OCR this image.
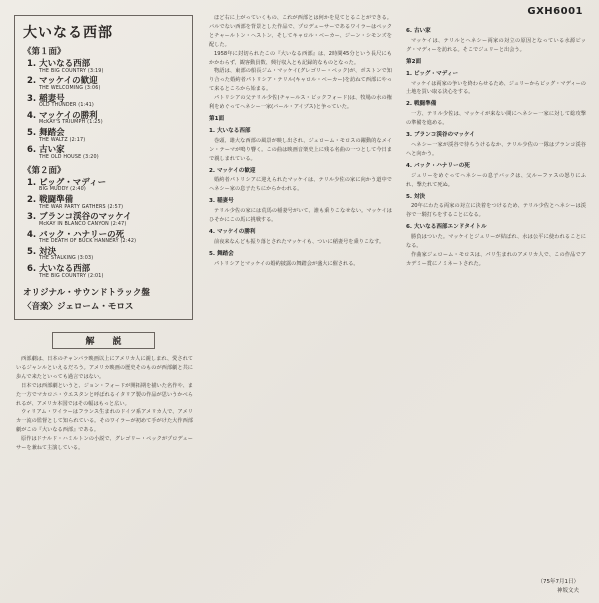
GXH6001
大いなる西部
《第１面》
1. 大いなる西部
THE BIG COUNTRY (3:19)
2. マッケイの歓迎
THE WELCOMING (3:06)
3. 稲妻号
OLD THUNDER (1:41)
4. マッケイの勝利
McKAY'S TRIUMPH (1:25)
5. 舞踏会
THE WALTZ (2:17)
6. 古い家
THE OLD HOUSE (3:20)
《第２面》
1. ビッグ・マディー
BIG MUDDY (2:40)
2. 戦闘準備
THE WAR PARTY GATHERS (2:57)
3. ブランコ渓谷のマッケイ
McKAY IN BLANCO CANYON (2:47)
4. バック・ハナリーの死
THE DEATH OF BUCK HANNERY (2:42)
5. 対決
THE STALKING (3:03)
6. 大いなる西部
THE BIG COUNTRY (2:01)
オリジナル・サウンドトラック盤
〈音楽〉ジェローム・モロス
解 説

西部劇は、日本のチャンバラ映画以上にアメリカ人に親しまれ、愛されているジャンルといえるだろう。アメリカ映画の歴史そのものが西部劇と共に歩んで来たといっても過言ではない。

日本では西部劇というと、ジョン・フォードが開拓期を描いた名作や、また一方でマカロニ・ウエスタンと呼ばれるイタリア製の作品が思いうかべられるが、アメリカ本国ではその幅はもっと広い。

ウィリアム・ワイラーはフランス生まれのドイツ系アメリカ人で、アメリカ一流の監督として知られている。そのワイラーが初めて手がけた大作西部劇がこの『大いなる西部』である。

原作はドナルド・ハミルトンの小説で、グレゴリー・ペックがプロデューサーを兼ねて主演している。

ほど右に上がっていくもの、これが西部とは何かを見てとることができる。バルでない西部を背景とした作品で、プロデューサーであるワイラーはペックとチャールトン・ヘストン、そしてキャロル・ベーカー、ジーン・シモンズを配した。

1958年に封切られたこの『大いなる西部』は、2時間45分という長尺にもかかわらず、観客動員数、興行収入とも記録的なものとなった。

物語は、東部の船長ジム・マッケイ(グレゴリー・ペック)が、ボストンで知り合った婚約者パトリシア・テリル(キャロル・ベーカー)を訪ねて西部にやって来るところから始まる。

パトリシアの父テリル少佐(チャールス・ビックフォード)は、牧場の水の権利をめぐってヘネシー一家(バール・アイブス)と争っていた。

第1面

1. 大いなる西部

巻頭、雄大な西部の風景が映し出され、ジェローム・モロスの躍動的なメイン・テーマが鳴り響く。この曲は映画音楽史上に残る名曲の一つとして今日まで親しまれている。

2. マッケイの歓迎

婚約者パトリシアに迎えられたマッケイは、テリル少佐の家に向かう道中でヘネシー家の息子たちにからかわれる。

3. 稲妻号

テリル少佐の家には荒馬の稲妻号がいて、誰も乗りこなせない。マッケイはひそかにこの馬に挑戦する。

4. マッケイの勝利

前夜来なんども振り落とされたマッケイも、ついに稲妻号を乗りこなす。

5. 舞踏会

パトリシアとマッケイの婚約披露の舞踏会が盛大に催される。

6. 古い家

マッケイは、テリルとヘネシー両家の対立の原因となっている水源ビッグ・マディーを訪れる。そこでジュリーと出会う。

第2面

1. ビッグ・マディー

マッケイは両家の争いを終わらせるため、ジュリーからビッグ・マディーの土地を買い取る決心をする。

2. 戦闘準備

一方、テリル少佐は、マッケイが来ない間にヘネシー一家に対して総攻撃の準備を進める。

3. ブランコ渓谷のマッケイ

ヘネシー一家が渓谷で待ちうけるなか、テリル少佐の一隊はブランコ渓谷へと向かう。

4. バック・ハナリーの死

ジュリーをめぐってヘネシーの息子バックは、父ルーファスの怒りにふれ、撃たれて死ぬ。

5. 対決

20年にわたる両家の対立に決着をつけるため、テリル少佐とヘネシーは渓谷で一騎打ちをすることになる。

6. 大いなる西部エンドタイトル

勝負はついた。マッケイとジュリーが結ばれ、水は公平に使われることになる。

作曲家ジェローム・モロスは、パリ生まれのアメリカ人で、この作品でアカデミー賞にノミネートされた。

（75年7月1日）
神坂文夫
